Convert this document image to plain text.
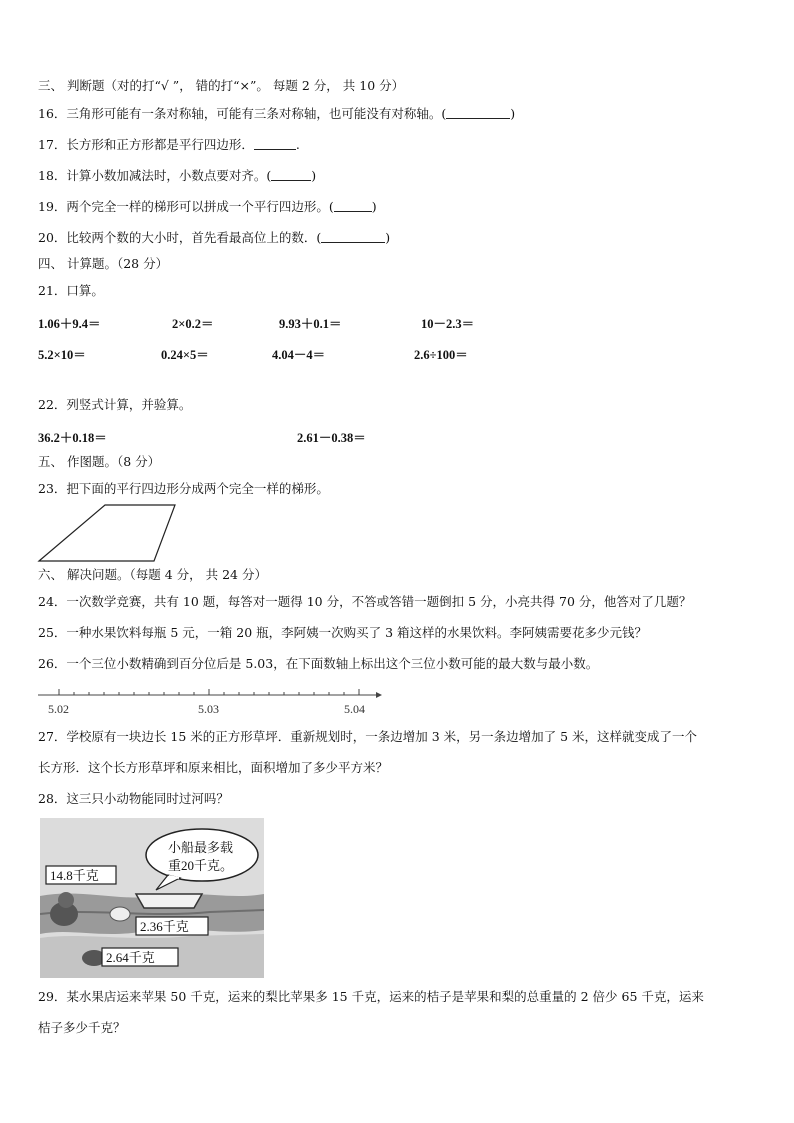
三、 判断题（对的打“√ ”， 错的打“×”。 每题 2 分， 共 10 分）
16．三角形可能有一条对称轴，可能有三条对称轴，也可能没有对称轴。(	)
17．长方形和正方形都是平行四边形．	.
18．计算小数加减法时，小数点要对齐。(	)
19．两个完全一样的梯形可以拼成一个平行四边形。(	)
20．比较两个数的大小时，首先看最高位上的数．(	)
四、 计算题。（28 分）
21．口算。
1.06＋9.4＝	2×0.2＝	9.93＋0.1＝	10－2.3＝
5.2×10＝	0.24×5＝	4.04－4＝	2.6÷100＝
22．列竖式计算，并验算。
36.2＋0.18＝	2.61－0.38＝
五、 作图题。（8 分）
23．把下面的平行四边形分成两个完全一样的梯形。
六、 解决问题。（每题 4 分， 共 24 分）
24．一次数学竞赛，共有 10 题，每答对一题得 10 分，不答或答错一题倒扣 5 分，小亮共得 70 分，他答对了几题？
25．一种水果饮料每瓶 5 元，一箱 20 瓶，李阿姨一次购买了 3 箱这样的水果饮料。李阿姨需要花多少元钱？
26．一个三位小数精确到百分位后是 5.03，在下面数轴上标出这个三位小数可能的最大数与最小数。
5.02	5.03	5.04
27．学校原有一块边长 15 米的正方形草坪．重新规划时，一条边增加 3 米，另一条边增加了 5 米，这样就变成了一个
长方形．这个长方形草坪和原来相比，面积增加了多少平方米？
28．这三只小动物能同时过河吗？
小船最多载
重20千克。
14.8千克
2.36千克
2.64千克
29．某水果店运来苹果 50 千克，运来的梨比苹果多 15 千克，运来的桔子是苹果和梨的总重量的 2 倍少 65 千克，运来
桔子多少千克？
